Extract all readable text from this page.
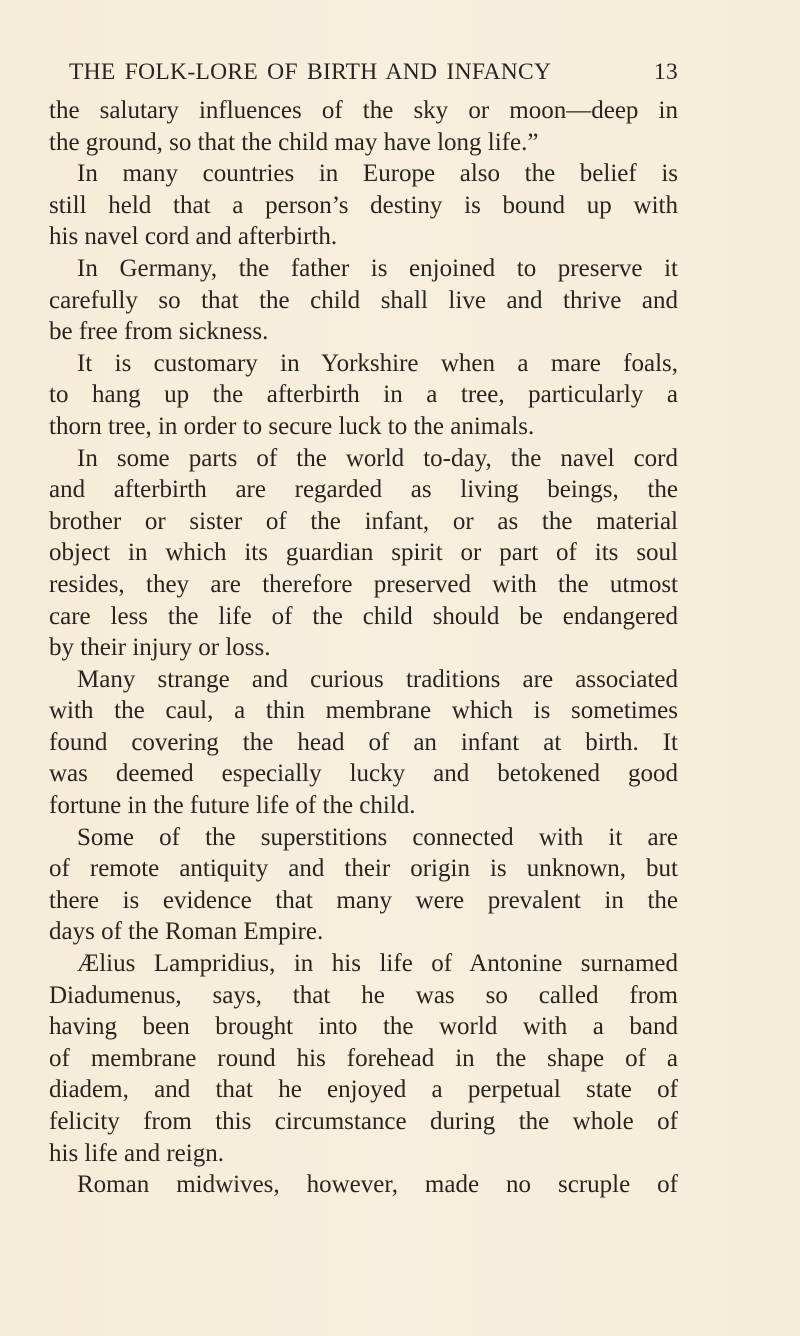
THE FOLK-LORE OF BIRTH AND INFANCY	13
the salutary influences of the sky or moon—deep in
the ground, so that the child may have long life.”
In many countries in Europe also the belief is
still held that a person’s destiny is bound up with
his navel cord and afterbirth.
In Germany, the father is enjoined to preserve it
carefully so that the child shall live and thrive and
be free from sickness.
It is customary in Yorkshire when a mare foals,
to hang up the afterbirth in a tree, particularly a
thorn tree, in order to secure luck to the animals.
In some parts of the world to-day, the navel cord
and afterbirth are regarded as living beings, the
brother or sister of the infant, or as the material
object in which its guardian spirit or part of its soul
resides, they are therefore preserved with the utmost
care less the life of the child should be endangered
by their injury or loss.
Many strange and curious traditions are associated
with the caul, a thin membrane which is sometimes
found covering the head of an infant at birth. It
was deemed especially lucky and betokened good
fortune in the future life of the child.
Some of the superstitions connected with it are
of remote antiquity and their origin is unknown, but
there is evidence that many were prevalent in the
days of the Roman Empire.
Ælius Lampridius, in his life of Antonine surnamed
Diadumenus, says, that he was so called from
having been brought into the world with a band
of membrane round his forehead in the shape of a
diadem, and that he enjoyed a perpetual state of
felicity from this circumstance during the whole of
his life and reign.
Roman midwives, however, made no scruple of
